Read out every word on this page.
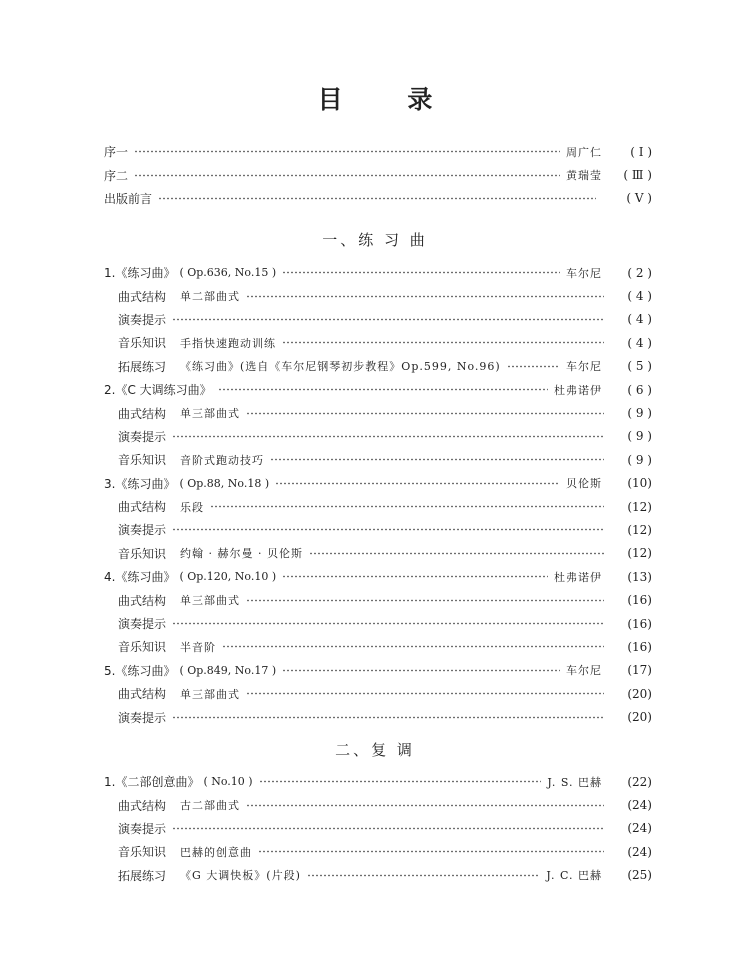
目 录
序一	周广仁	( Ⅰ )
序二	黄瑞莹	( Ⅲ )
出版前言	( Ⅴ )
一、练 习 曲
1.《练习曲》 ( Op.636, No.15 )	车尔尼	( 2 )
曲式结构 单二部曲式	( 4 )
演奏提示	( 4 )
音乐知识 手指快速跑动训练	( 4 )
拓展练习 《练习曲》(选自《车尔尼钢琴初步教程》Op.599, No.96)	车尔尼	( 5 )
2.《C 大调练习曲》	杜弗诺伊	( 6 )
曲式结构 单三部曲式	( 9 )
演奏提示	( 9 )
音乐知识 音阶式跑动技巧	( 9 )
3.《练习曲》 ( Op.88, No.18 )	贝伦斯	(10)
曲式结构 乐段	(12)
演奏提示	(12)
音乐知识 约翰 · 赫尔曼 · 贝伦斯	(12)
4.《练习曲》 ( Op.120, No.10 )	杜弗诺伊	(13)
曲式结构 单三部曲式	(16)
演奏提示	(16)
音乐知识 半音阶	(16)
5.《练习曲》 ( Op.849, No.17 )	车尔尼	(17)
曲式结构 单三部曲式	(20)
演奏提示	(20)
二、复 调
1.《二部创意曲》 ( No.10 )	J. S. 巴赫	(22)
曲式结构 古二部曲式	(24)
演奏提示	(24)
音乐知识 巴赫的创意曲	(24)
拓展练习 《G 大调快板》(片段)	J. C. 巴赫	(25)
